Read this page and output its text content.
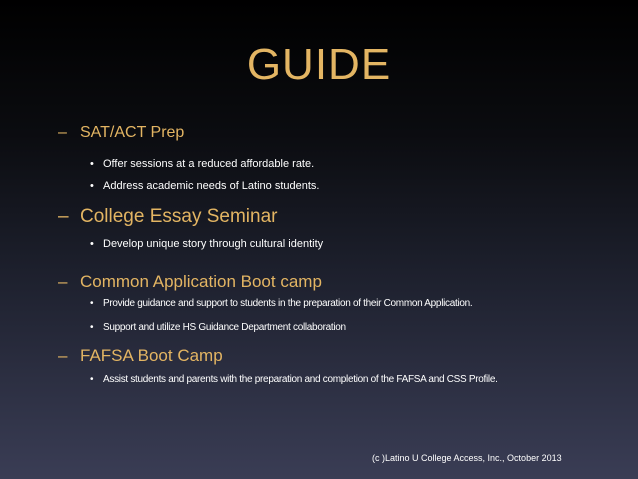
GUIDE
– SAT/ACT Prep
• Offer sessions at a reduced affordable rate.
• Address academic needs of Latino students.
– College Essay Seminar
• Develop unique story through cultural identity
– Common Application Boot camp
• Provide guidance and support to students in the preparation of their Common Application.
• Support and utilize HS Guidance Department collaboration
– FAFSA Boot Camp
• Assist students and parents with the preparation and completion of the FAFSA and CSS Profile.
(c )Latino U College Access, Inc., October 2013
